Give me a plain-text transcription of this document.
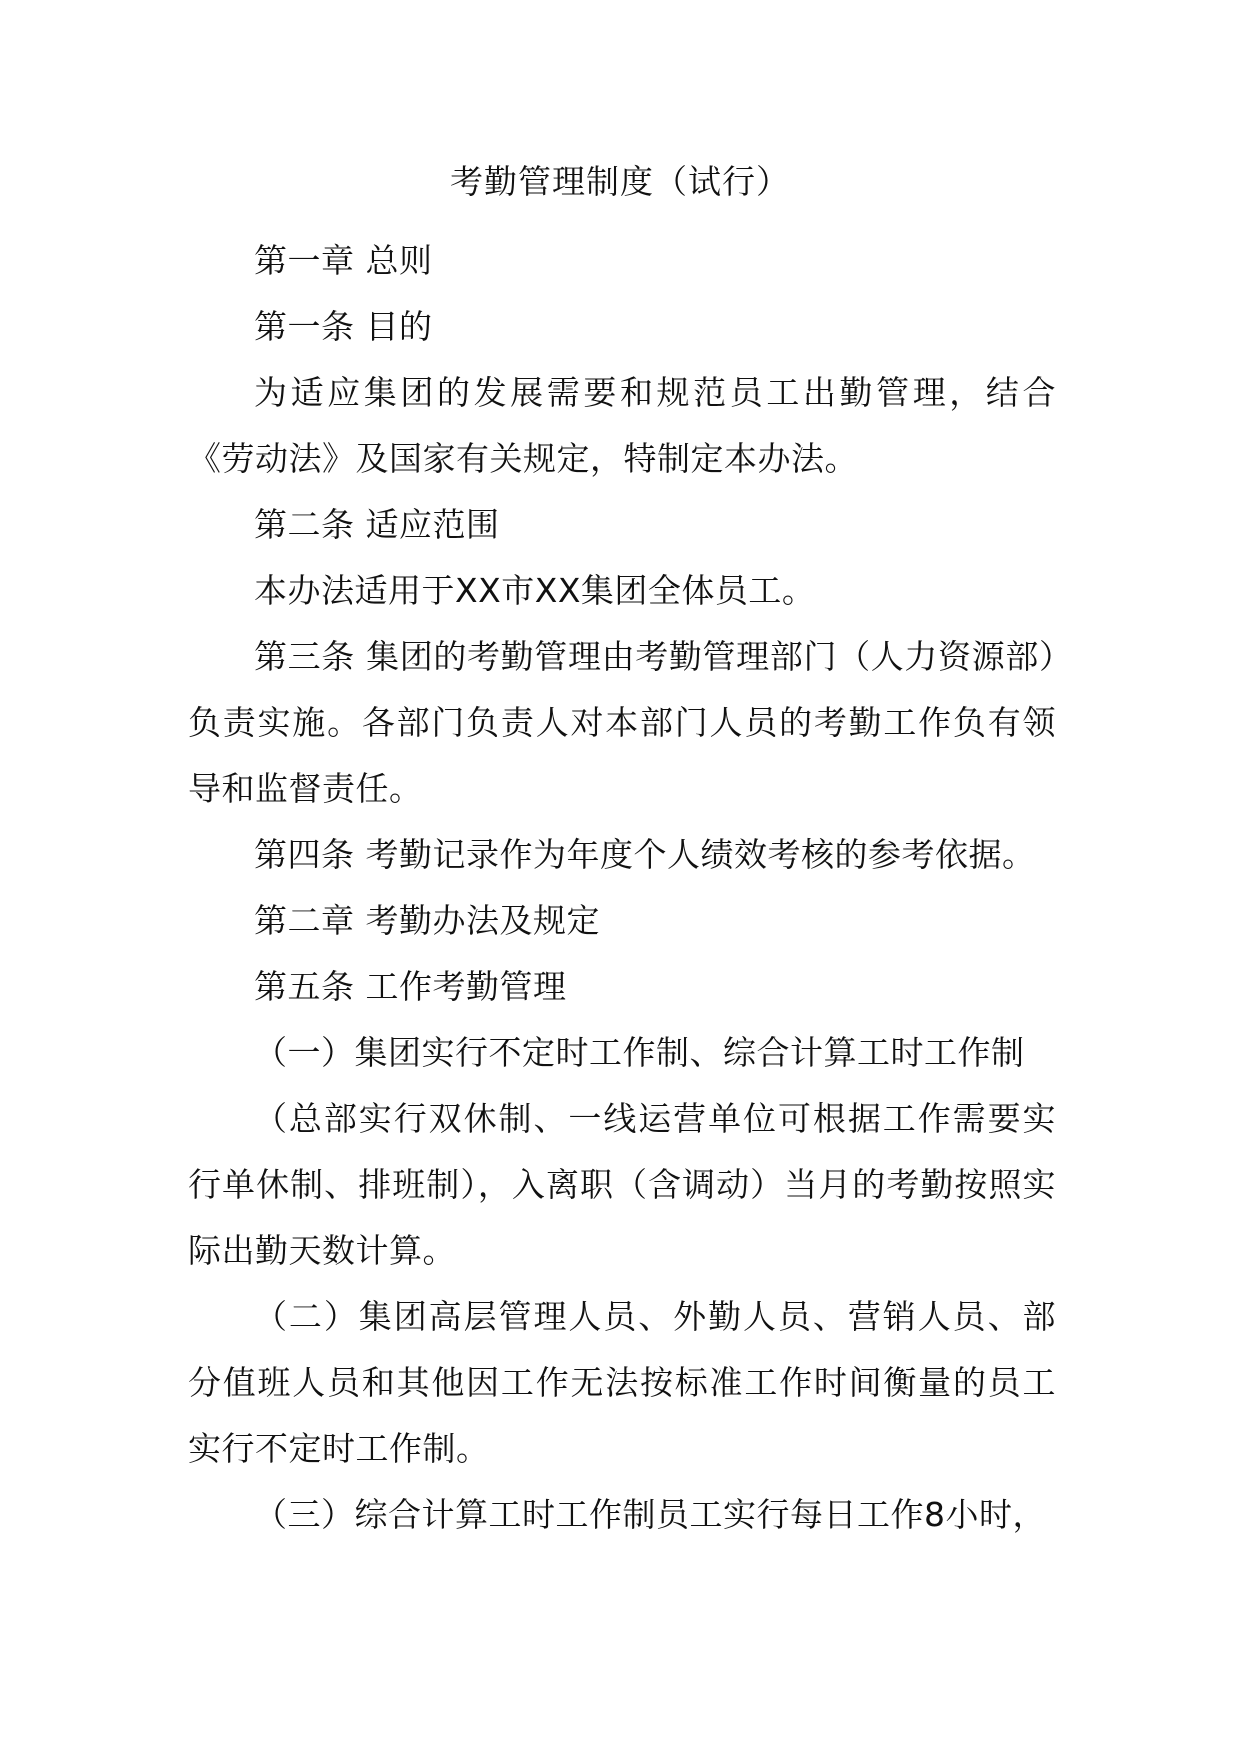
考勤管理制度（试行）

第一章 总则

第一条 目的

为适应集团的发展需要和规范员工出勤管理，结合《劳动法》及国家有关规定，特制定本办法。

第二条 适应范围

本办法适用于XX市XX集团全体员工。

第三条 集团的考勤管理由考勤管理部门（人力资源部）负责实施。各部门负责人对本部门人员的考勤工作负有领导和监督责任。

第四条 考勤记录作为年度个人绩效考核的参考依据。

第二章 考勤办法及规定

第五条 工作考勤管理

（一）集团实行不定时工作制、综合计算工时工作制

（总部实行双休制、一线运营单位可根据工作需要实行单休制、排班制），入离职（含调动）当月的考勤按照实际出勤天数计算。

（二）集团高层管理人员、外勤人员、营销人员、部分值班人员和其他因工作无法按标准工作时间衡量的员工实行不定时工作制。

（三）综合计算工时工作制员工实行每日工作8小时，
